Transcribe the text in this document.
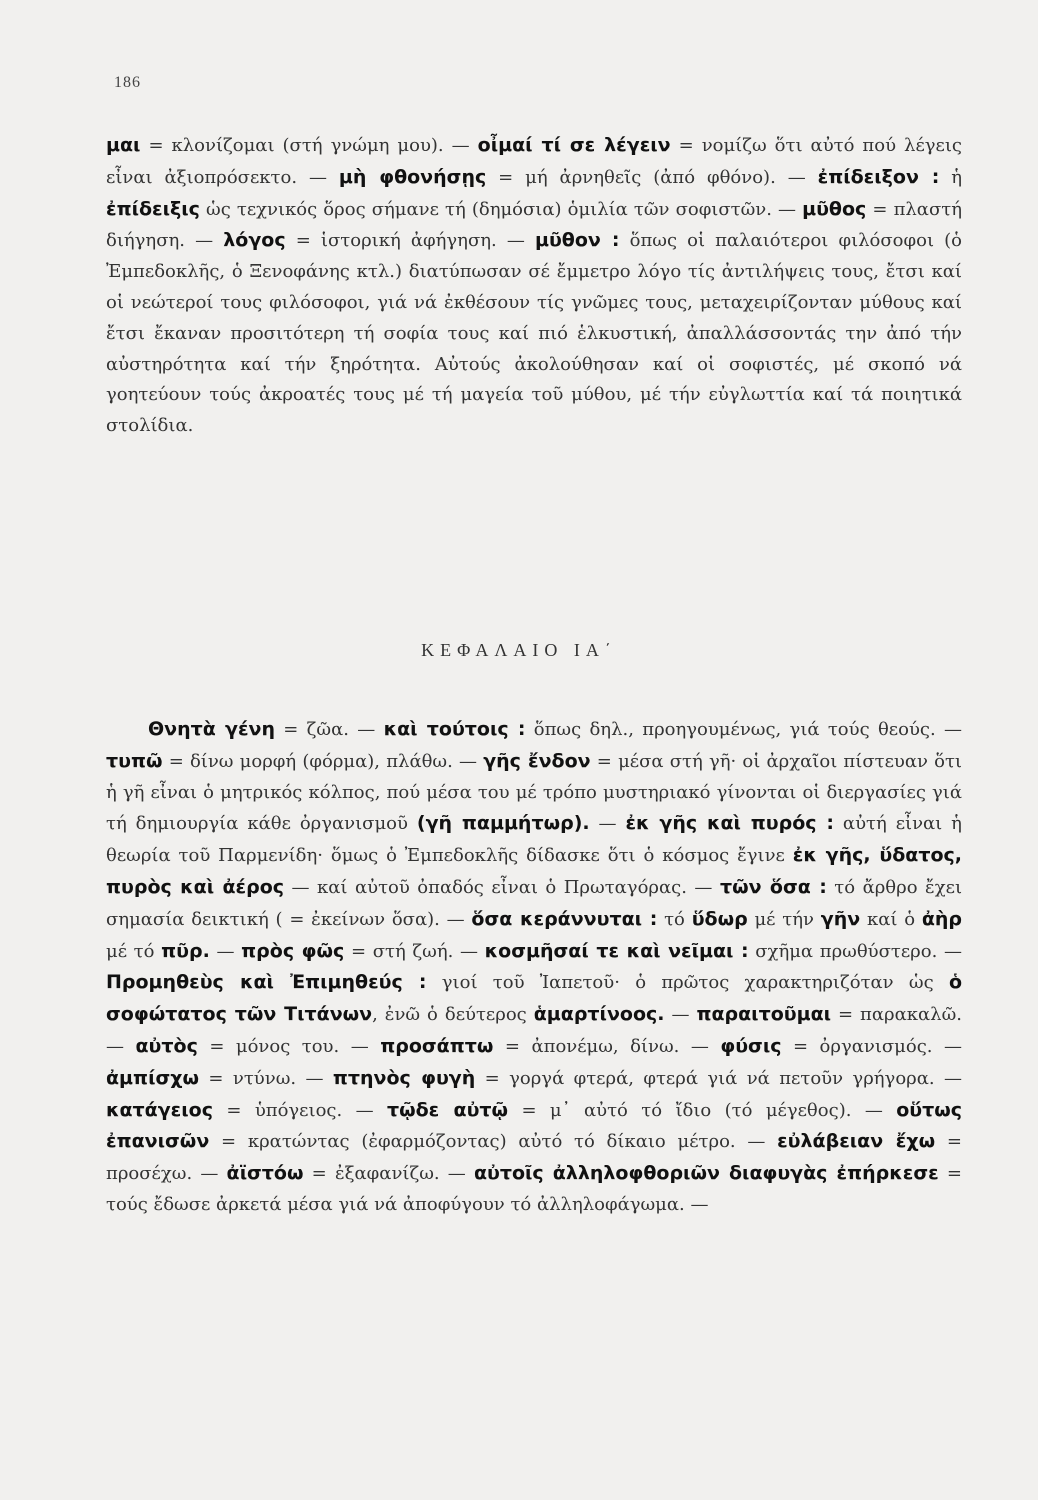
186
μαι = κλονίζομαι (στή γνώμη μου). — οἶμαί τί σε λέγειν = νομίζω ὅτι αὐτό πού λέγεις εἶναι ἀξιοπρόσεκτο. — μὴ φθονήσῃς = μή ἀρνηθεῖς (ἀπό φθόνο). — ἐπίδειξον : ἡ ἐπίδειξις ὡς τεχνικός ὅρος σήμανε τή (δημόσια) ὁμιλία τῶν σοφιστῶν. — μῦθος = πλαστή διήγηση. — λόγος = ἱστορική ἀφήγηση. — μῦθον : ὅπως οἱ παλαιότεροι φιλόσοφοι (ὁ Ἐμπεδοκλῆς, ὁ Ξενοφάνης κτλ.) διατύπωσαν σέ ἔμμετρο λόγο τίς ἀντιλήψεις τους, ἔτσι καί οἱ νεώτεροί τους φιλόσοφοι, γιά νά ἐκθέσουν τίς γνῶμες τους, μεταχειρίζονταν μύθους καί ἔτσι ἔκαναν προσιτότερη τή σοφία τους καί πιό ἑλκυστική, ἀπαλλάσσοντάς την ἀπό τήν αὐστηρότητα καί τήν ξηρότητα. Αὐτούς ἀκολούθησαν καί οἱ σοφιστές, μέ σκοπό νά γοητεύουν τούς ἀκροατές τους μέ τή μαγεία τοῦ μύθου, μέ τήν εὐγλωττία καί τά ποιητικά στολίδια.
ΚΕΦΑΛΑΙΟ ΙΑ΄
Θνητὰ γένη = ζῶα. — καὶ τούτοις : ὅπως δηλ., προηγουμένως, γιά τούς θεούς. — τυπῶ = δίνω μορφή (φόρμα), πλάθω. — γῆς ἔνδον = μέσα στή γῆ· οἱ ἀρχαῖοι πίστευαν ὅτι ἡ γῆ εἶναι ὁ μητρικός κόλπος, πού μέσα του μέ τρόπο μυστηριακό γίνονται οἱ διεργασίες γιά τή δημιουργία κάθε ὀργανισμοῦ (γῆ παμμήτωρ). — ἐκ γῆς καὶ πυρός : αὐτή εἶναι ἡ θεωρία τοῦ Παρμενίδη· ὅμως ὁ Ἐμπεδοκλῆς δίδασκε ὅτι ὁ κόσμος ἔγινε ἐκ γῆς, ὕδατος, πυρὸς καὶ ἀέρος — καί αὐτοῦ ὀπαδός εἶναι ὁ Πρωταγόρας. — τῶν ὅσα : τό ἄρθρο ἔχει σημασία δεικτική ( = ἐκείνων ὅσα). — ὅσα κεράννυται : τό ὕδωρ μέ τήν γῆν καί ὁ ἀὴρ μέ τό πῦρ. — πρὸς φῶς = στή ζωή. — κοσμῆσαί τε καὶ νεῖμαι : σχῆμα πρωθύστερο. — Προμηθεὺς καὶ Ἐπιμηθεύς : γιοί τοῦ Ἰαπετοῦ· ὁ πρῶτος χαρακτηριζόταν ὡς ὁ σοφώτατος τῶν Τιτάνων, ἐνῶ ὁ δεύτερος ἁμαρτίνοος. — παραιτοῦμαι = παρακαλῶ. — αὐτὸς = μόνος του. — προσάπτω = ἀπονέμω, δίνω. — φύσις = ὀργανισμός. — ἀμπίσχω = ντύνω. — πτηνὸς φυγὴ = γοργά φτερά, φτερά γιά νά πετοῦν γρήγορα. — κατάγειος = ὑπόγειος. — τῷδε αὐτῷ = μ᾽ αὐτό τό ἴδιο (τό μέγεθος). — οὕτως ἐπανισῶν = κρατώντας (ἐφαρμόζοντας) αὐτό τό δίκαιο μέτρο. — εὐλάβειαν ἔχω = προσέχω. — ἀϊστόω = ἐξαφανίζω. — αὐτοῖς ἀλληλοφθοριῶν διαφυγὰς ἐπήρκεσε = τούς ἔδωσε ἀρκετά μέσα γιά νά ἀποφύγουν τό ἀλληλοφάγωμα. —
